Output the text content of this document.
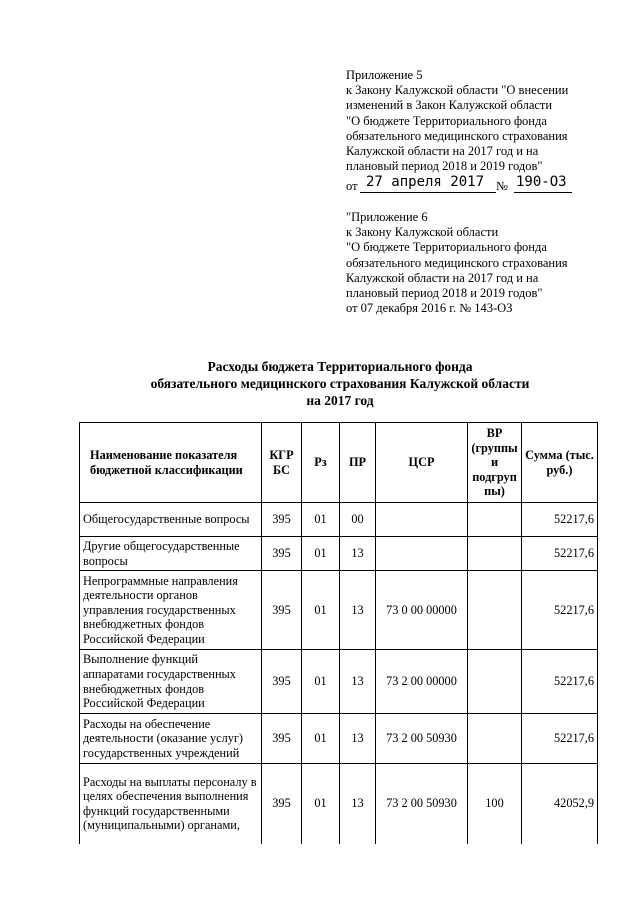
Приложение 5
к Закону Калужской области "О внесении
изменений в Закон Калужской области
"О бюджете Территориального фонда
обязательного медицинского страхования
Калужской области на 2017 год и на
плановый период 2018 и 2019 годов"
от 27 апреля 2017 № 190-ОЗ
"Приложение 6
к Закону Калужской области
"О бюджете Территориального фонда
обязательного медицинского страхования
Калужской области на 2017 год и на
плановый период 2018 и 2019 годов"
от 07 декабря 2016 г. № 143-ОЗ
Расходы бюджета Территориального фонда
обязательного медицинского страхования Калужской области
на 2017 год
Наименование показателя бюджетной классификации	КГР БС	Рз	ПР	ЦСР	ВР (группы и подгруп пы)	Сумма (тыс. руб.)
Общегосударственные вопросы	395	01	00			52217,6
Другие общегосударственные вопросы	395	01	13			52217,6
Непрограммные направления деятельности органов управления государственных внебюджетных фондов Российской Федерации	395	01	13	73 0 00 00000		52217,6
Выполнение функций аппаратами государственных внебюджетных фондов Российской Федерации	395	01	13	73 2 00 00000		52217,6
Расходы на обеспечение деятельности (оказание услуг) государственных учреждений	395	01	13	73 2 00 50930		52217,6
Расходы на выплаты персоналу в целях обеспечения выполнения функций государственными (муниципальными) органами,	395	01	13	73 2 00 50930	100	42052,9
